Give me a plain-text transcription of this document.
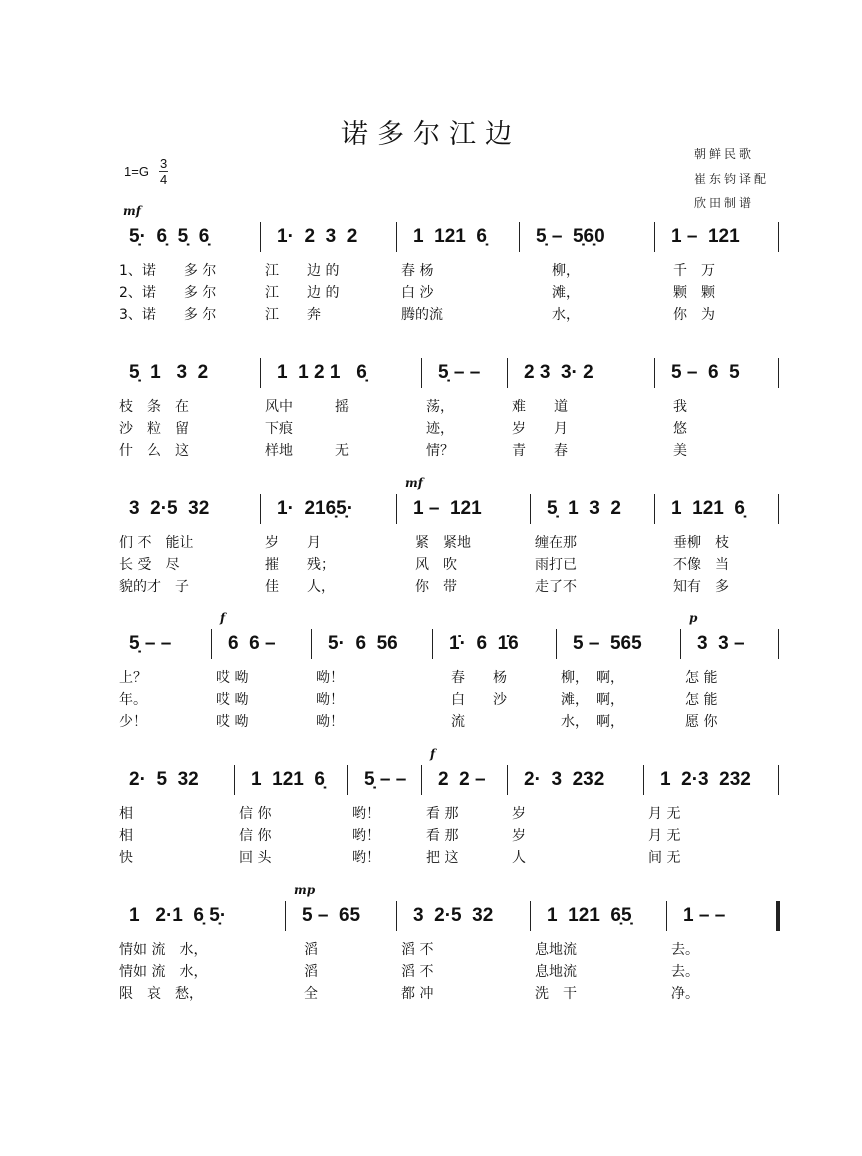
诺多尔江边
朝鲜民歌
崔东钧译配
欣田制谱
$1=G \frac{3}{4}$
5̣·  6̣  5̣  6̣
mf
1、诺　　多 尔
2、诺　　多 尔
3、诺　　多 尔
1·  2  3  2
江　　边 的
江　　边 的
江　　奔
1  121  6̣
春 杨
白 沙
腾的流
5̣ –  5̣6̣0
　　柳，
　　滩，
　　水，
1 –  121
　千　万
　颗　颗
　你　为
5̣  1   3  2
枝　条　在
沙　粒　留
什　么　这
1  1 2 1   6̣
风中　　　摇
下痕
样地　　　无
5̣ – –
荡，
迹，
情？
2 3  3· 2
难　　道
岁　　月
青　　春
5 –  6  5
　我
　悠
　美
3  2·5  32
们 不　能让
长 受　尽
貌的才　子
1·  216̣5̣·
岁　　月
摧　　残；
佳　　人，
1 –  121
mf
　紧　紧地
　风　吹
　你　带
5̣  1  3  2
缠在那
雨打已
走了不
1  121  6̣
　垂柳　枝
　不像　当
　知有　多
5̣ – –
上？
年。
少！
6  6 –
f
哎 呦
哎 呦
哎 呦
5·  6  56
呦！
呦！
呦！
1̇·  6  1̇6
　春　　杨
　白　　沙
　流
5 –  565
柳，　啊，
滩，　啊，
水，　啊，
3  3 –
p
怎 能
怎 能
愿 你
2·  5  32
相
相
快
1  121  6̣
信 你
信 你
回 头
5̣ – –
哟！
哟！
哟！
2  2 –
f
看 那
看 那
把 这
2·  3  232
岁
岁
人
1  2·3  232
月 无
月 无
间 无
1   2·1  6̣ 5̣·
情如 流　水，
情如 流　水，
限　哀　愁，
5 –  65
mp
　滔
　滔
　全
3  2·5  32
滔 不
滔 不
都 冲
1  121  6̣5̣
息地流
息地流
洗　干
1 – –
去。
去。
净。
